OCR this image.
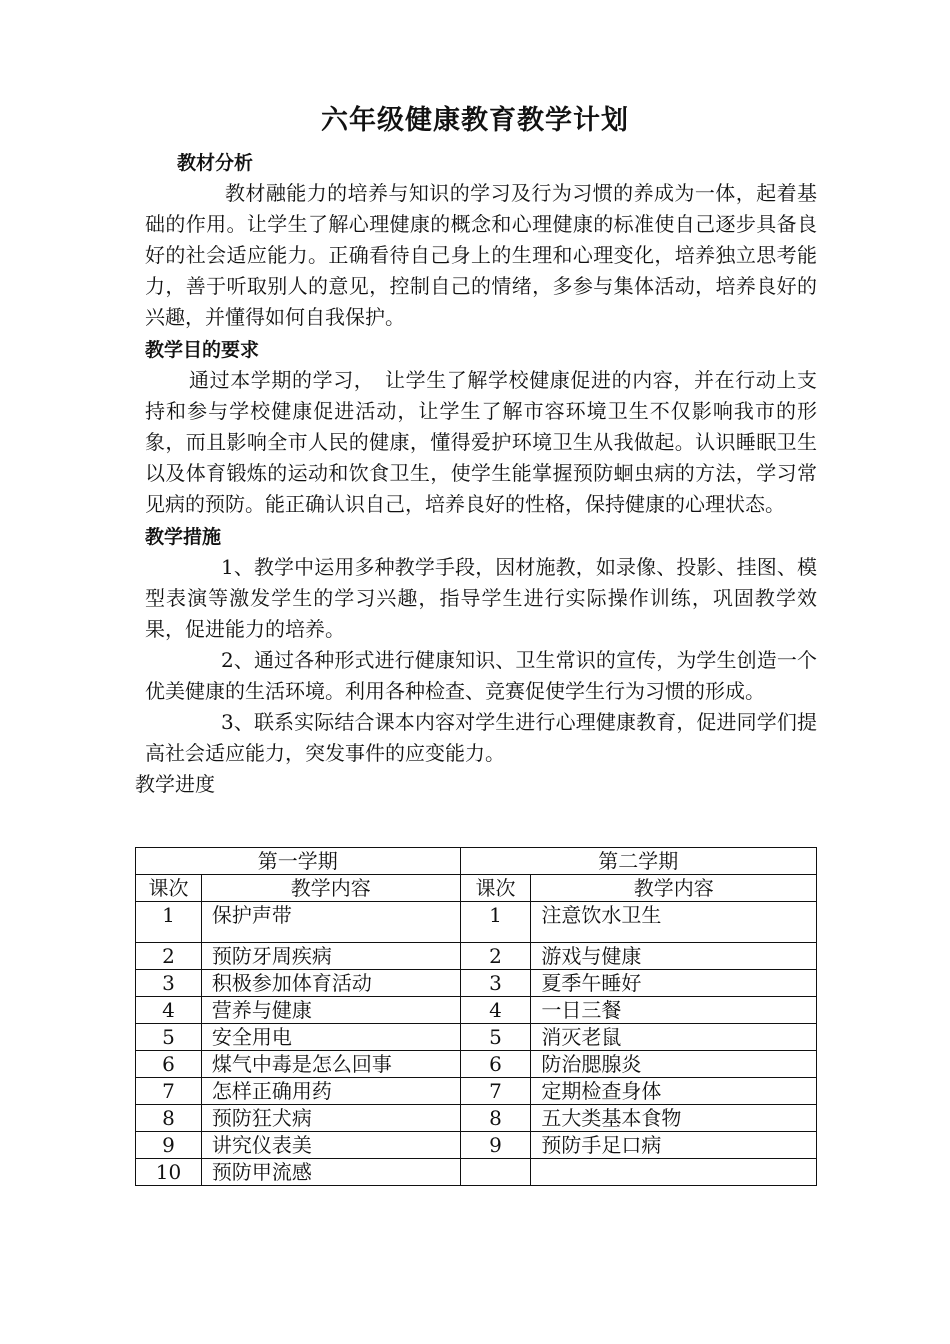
六年级健康教育教学计划
教材分析

教材融能力的培养与知识的学习及行为习惯的养成为一体，起着基础的作用。让学生了解心理健康的概念和心理健康的标准使自己逐步具备良好的社会适应能力。正确看待自己身上的生理和心理变化，培养独立思考能力，善于听取别人的意见，控制自己的情绪，多参与集体活动，培养良好的兴趣，并懂得如何自我保护。

教学目的要求

通过本学期的学习，　让学生了解学校健康促进的内容，并在行动上支持和参与学校健康促进活动，让学生了解市容环境卫生不仅影响我市的形象，而且影响全市人民的健康，懂得爱护环境卫生从我做起。认识睡眠卫生以及体育锻炼的运动和饮食卫生，使学生能掌握预防蛔虫病的方法，学习常见病的预防。能正确认识自己，培养良好的性格，保持健康的心理状态。

教学措施

1、教学中运用多种教学手段，因材施教，如录像、投影、挂图、模型表演等激发学生的学习兴趣，指导学生进行实际操作训练，巩固教学效果，促进能力的培养。

2、通过各种形式进行健康知识、卫生常识的宣传，为学生创造一个优美健康的生活环境。利用各种检查、竞赛促使学生行为习惯的形成。

3、联系实际结合课本内容对学生进行心理健康教育，促进同学们提高社会适应能力，突发事件的应变能力。

教学进度
第一学期		第二学期	
课次	教学内容	课次	教学内容
1	保护声带	1	注意饮水卫生
2	预防牙周疾病	2	游戏与健康
3	积极参加体育活动	3	夏季午睡好
4	营养与健康	4	一日三餐
5	安全用电	5	消灭老鼠
6	煤气中毒是怎么回事	6	防治腮腺炎
7	怎样正确用药	7	定期检查身体
8	预防狂犬病	8	五大类基本食物
9	讲究仪表美	9	预防手足口病
10	预防甲流感		
